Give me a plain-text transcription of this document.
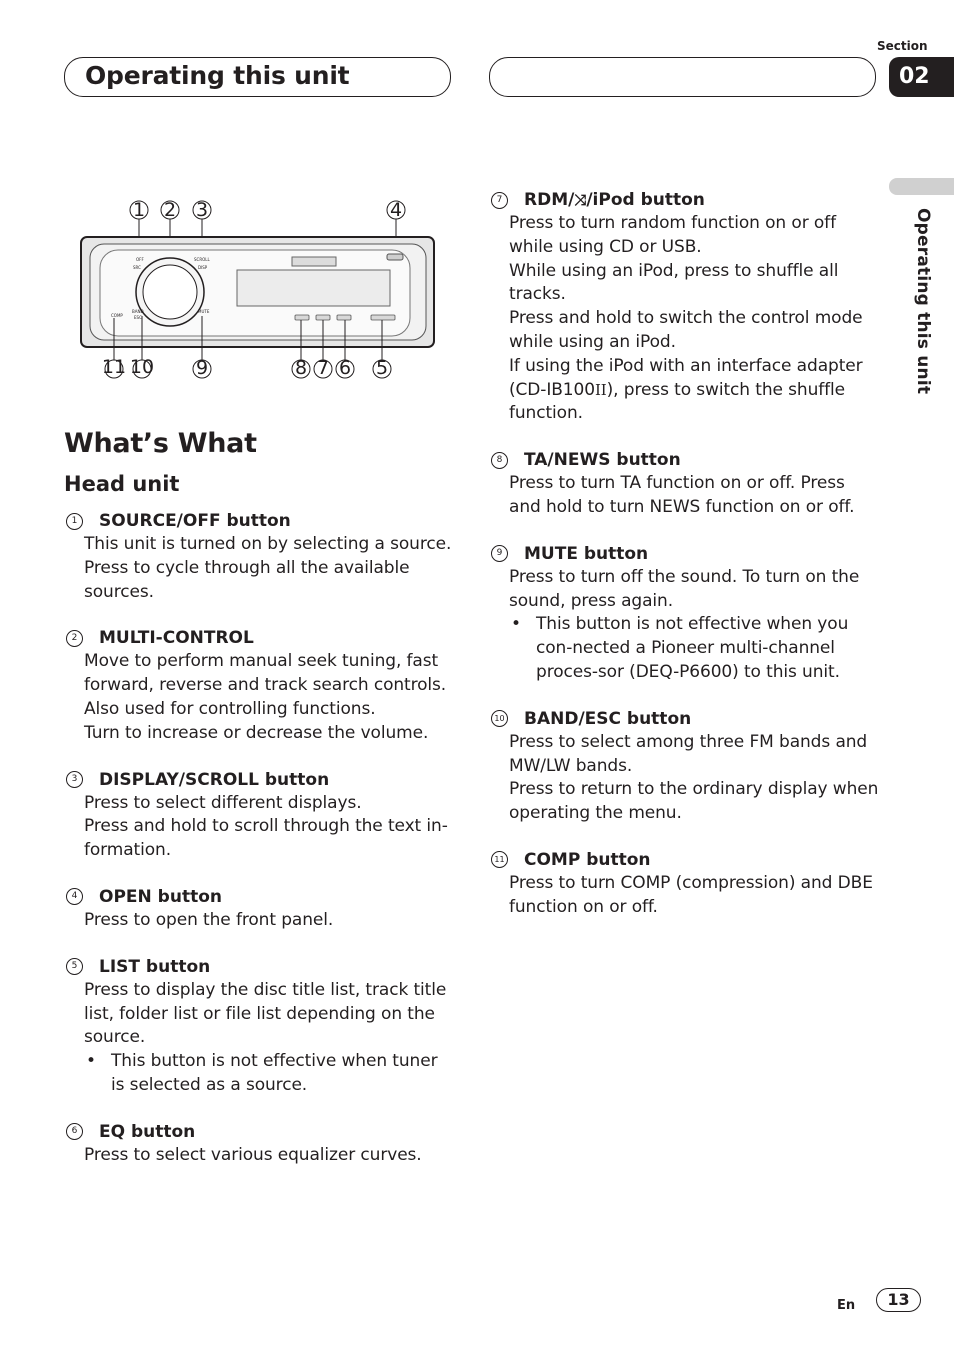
Operating this unit
Section
02
Operating this unit
1 2 3	4
OFF
SRC
SCROLL
DISP
BAND
ESC
MUTE
COMP
11 10 9	8 7 6 5
What’s What
Head unit
1	SOURCE/OFF button

This unit is turned on by selecting a source.

Press to cycle through all the available sources.

2	MULTI-CONTROL

Move to perform manual seek tuning, fast forward, reverse and track search controls.

Also used for controlling functions.

Turn to increase or decrease the volume.

3	DISPLAY/SCROLL button

Press to select different displays.

Press and hold to scroll through the text in-formation.

4	OPEN button

Press to open the front panel.

5	LIST button

Press to display the disc title list, track title list, folder list or file list depending on the source.

• This button is not effective when tuner is selected as a source.
6	EQ button

Press to select various equalizer curves.

7	RDM/⤨/iPod button

Press to turn random function on or off while using CD or USB.

While using an iPod, press to shuffle all tracks.

Press and hold to switch the control mode while using an iPod.

If using the iPod with an interface adapter (CD-IB100II), press to switch the shuffle function.

8	TA/NEWS button

Press to turn TA function on or off. Press and hold to turn NEWS function on or off.

9	MUTE button

Press to turn off the sound. To turn on the sound, press again.

• This button is not effective when you con-nected a Pioneer multi-channel proces-sor (DEQ-P6600) to this unit.
10 BAND/ESC button

Press to select among three FM bands and MW/LW bands.

Press to return to the ordinary display when operating the menu.

11 COMP button

Press to turn COMP (compression) and DBE function on or off.

En	13
